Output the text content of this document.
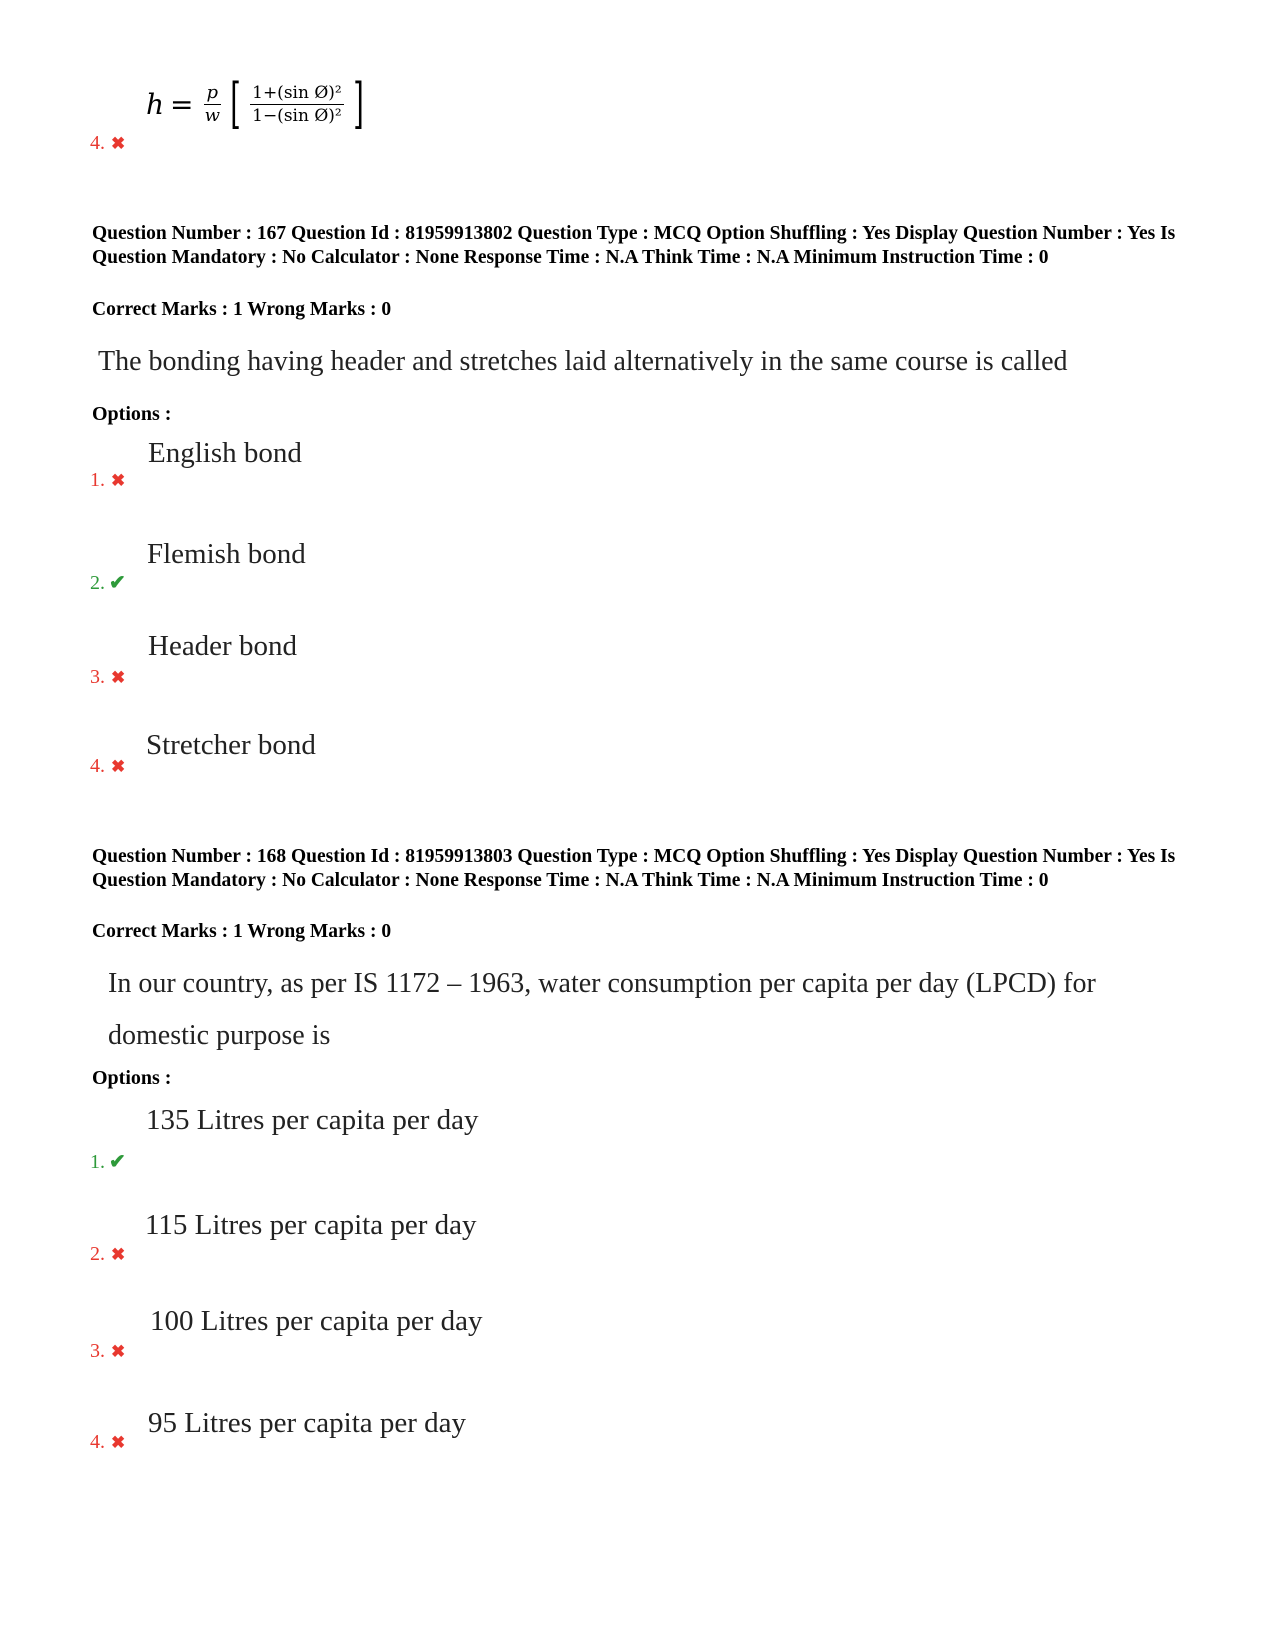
$h = \frac{p}{w}$ [ $\frac{\text{1+(sin Ø)²}}{\text{1−(sin Ø)²}}$ ]
4. ✖
Question Number : 167 Question Id : 81959913802 Question Type : MCQ Option Shuffling : Yes Display Question Number : Yes Is Question Mandatory : No Calculator : None Response Time : N.A Think Time : N.A Minimum Instruction Time : 0
Correct Marks : 1 Wrong Marks : 0
The bonding having header and stretches laid alternatively in the same course is called
Options :
English bond
1. ✖
Flemish bond
2. ✔
Header bond
3. ✖
Stretcher bond
4. ✖
Question Number : 168 Question Id : 81959913803 Question Type : MCQ Option Shuffling : Yes Display Question Number : Yes Is Question Mandatory : No Calculator : None Response Time : N.A Think Time : N.A Minimum Instruction Time : 0
Correct Marks : 1 Wrong Marks : 0
In our country, as per IS 1172 – 1963, water consumption per capita per day (LPCD) for
domestic purpose is
Options :
135 Litres per capita per day
1. ✔
115 Litres per capita per day
2. ✖
100 Litres per capita per day
3. ✖
95 Litres per capita per day
4. ✖
